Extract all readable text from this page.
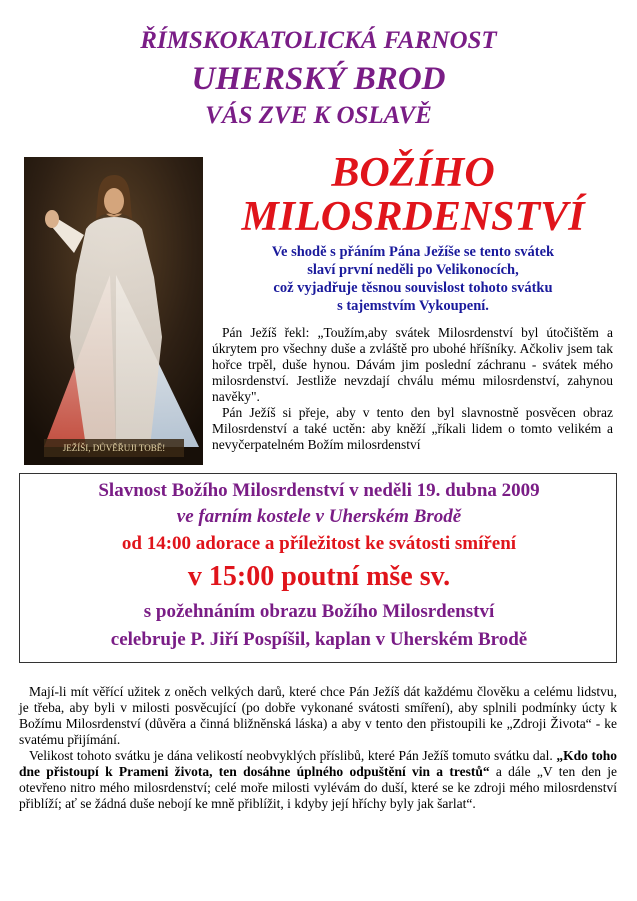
ŘÍMSKOKATOLICKÁ FARNOST
UHERSKÝ BROD
VÁS ZVE K OSLAVĚ
JEŽÍŠI, DŮVĚŘUJI TOBĚ!
BOŽÍHO
MILOSRDENSTVÍ
Ve shodě s přáním Pána Ježíše se tento svátek
slaví první neděli po Velikonocích,
což vyjadřuje těsnou souvislost tohoto svátku
s tajemstvím Vykoupení.

Pán Ježíš řekl: „Toužím,aby svátek Milosrdenství byl útočištěm a úkrytem pro všechny duše a zvláště pro ubohé hříšníky. Ačkoliv jsem tak hořce trpěl, duše hynou. Dávám jim poslední záchranu - svátek mého milosrdenství. Jestliže nevzdají chválu mému milosrdenství, zahynou navěky".

Pán Ježíš si přeje, aby v tento den byl slavnostně posvěcen obraz Milosrdenství a také uctěn: aby kněží „říkali lidem o tomto velikém a nevyčerpatelném Božím milosrdenství

Slavnost Božího Milosrdenství v neděli 19. dubna 2009
ve farním kostele v Uherském Brodě
od 14:00 adorace a příležitost ke svátosti smíření
v 15:00 poutní mše sv.
s požehnáním obrazu Božího Milosrdenství
celebruje P. Jiří Pospíšil, kaplan v Uherském Brodě

Mají-li mít věřící užitek z oněch velkých darů, které chce Pán Ježíš dát každému člověku a celému lidstvu, je třeba, aby byli v milosti posvěcující (po dobře vykonané svátosti smíření), aby splnili podmínky úcty k Božímu Milosrdenství (důvěra a činná bližněnská láska) a aby v tento den přistoupili ke „Zdroji Života“ - ke svatému přijímání.

Velikost tohoto svátku je dána velikostí neobvyklých příslibů, které Pán Ježíš tomuto svátku dal. „Kdo toho dne přistoupí k Prameni života, ten dosáhne úplného odpuštění vin a trestů“ a dále „V ten den je otevřeno nitro mého milosrdenství; celé moře milosti vylévám do duší, které se ke zdroji mého milosrdenství přiblíží; ať se žádná duše nebojí ke mně přiblížit, i kdyby její hříchy byly jak šarlat“.
